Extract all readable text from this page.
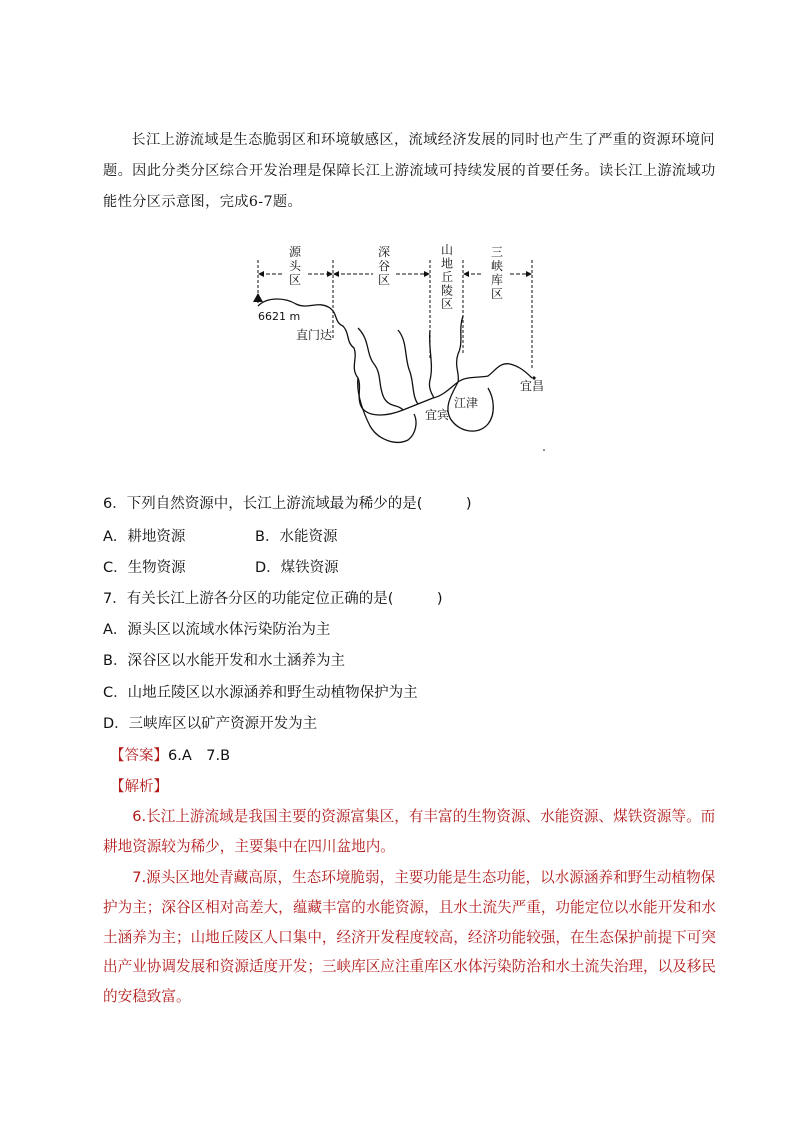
长江上游流域是生态脆弱区和环境敏感区，流域经济发展的同时也产生了严重的资源环境问题。因此分类分区综合开发治理是保障长江上游流域可持续发展的首要任务。读长江上游流域功能性分区示意图，完成6-7题。
源头区
深谷区
山地丘陵区
三峡库区
6621 m
直门达
宜宾
江津
宜昌
6．下列自然资源中，长江上游流域最为稀少的是(　　　)
A．耕地资源	B．水能资源
C．生物资源	D．煤铁资源
7．有关长江上游各分区的功能定位正确的是(　　　)
A．源头区以流域水体污染防治为主
B．深谷区以水能开发和水土涵养为主
C．山地丘陵区以水源涵养和野生动植物保护为主
D．三峡库区以矿产资源开发为主
【答案】6.A　7.B
【解析】
6.长江上游流域是我国主要的资源富集区，有丰富的生物资源、水能资源、煤铁资源等。而耕地资源较为稀少，主要集中在四川盆地内。
7.源头区地处青藏高原，生态环境脆弱，主要功能是生态功能，以水源涵养和野生动植物保护为主；深谷区相对高差大，蕴藏丰富的水能资源，且水土流失严重，功能定位以水能开发和水土涵养为主；山地丘陵区人口集中，经济开发程度较高，经济功能较强，在生态保护前提下可突出产业协调发展和资源适度开发；三峡库区应注重库区水体污染防治和水土流失治理，以及移民的安稳致富。
